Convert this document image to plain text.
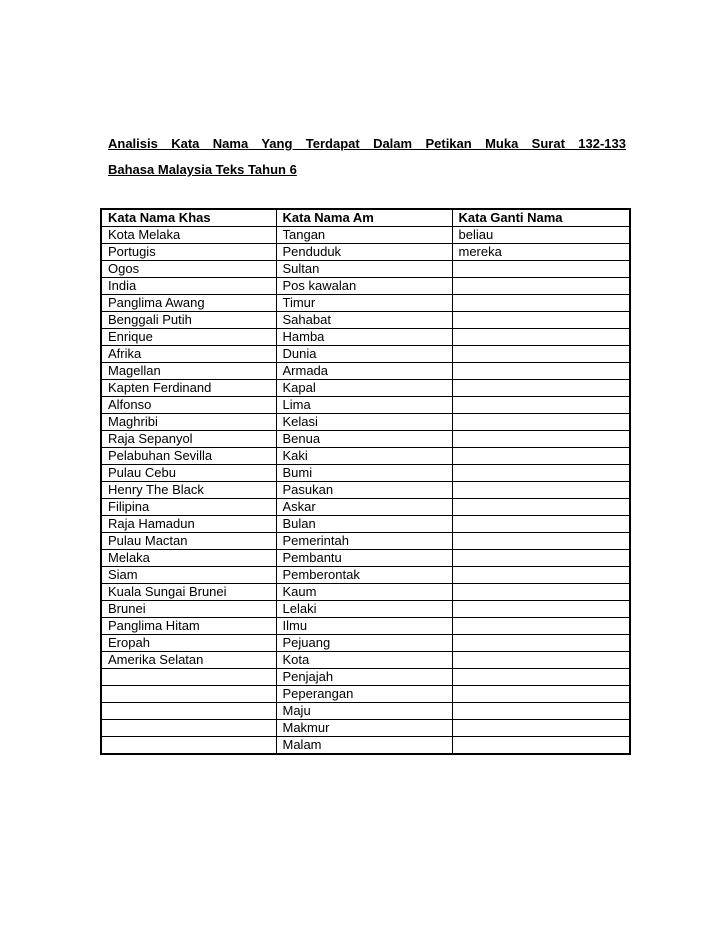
Analisis Kata Nama Yang Terdapat Dalam Petikan Muka Surat 132-133
Bahasa Malaysia Teks Tahun 6
Kata Nama Khas	Kata Nama Am	Kata Ganti Nama
Kota Melaka	Tangan	beliau
Portugis	Penduduk	mereka
Ogos	Sultan	
India	Pos kawalan	
Panglima Awang	Timur	
Benggali Putih	Sahabat	
Enrique	Hamba	
Afrika	Dunia	
Magellan	Armada	
Kapten Ferdinand	Kapal	
Alfonso	Lima	
Maghribi	Kelasi	
Raja Sepanyol	Benua	
Pelabuhan Sevilla	Kaki	
Pulau Cebu	Bumi	
Henry The Black	Pasukan	
Filipina	Askar	
Raja Hamadun	Bulan	
Pulau Mactan	Pemerintah	
Melaka	Pembantu	
Siam	Pemberontak	
Kuala Sungai Brunei	Kaum	
Brunei	Lelaki	
Panglima Hitam	Ilmu	
Eropah	Pejuang	
Amerika Selatan	Kota	
	Penjajah	
	Peperangan	
	Maju	
	Makmur	
	Malam	
